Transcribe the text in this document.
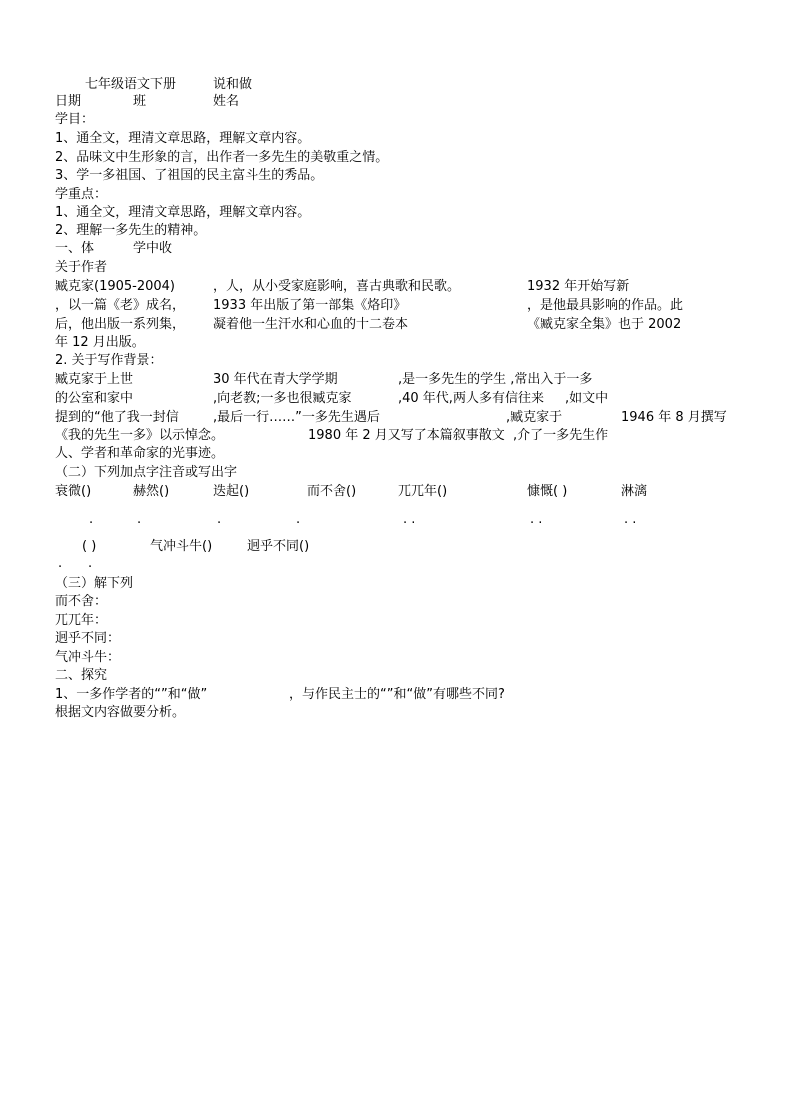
七年级语文下册	说和做
日期	班	姓名
学目：
1、通全文，理清文章思路，理解文章内容。
2、品味文中生形象的言，出作者一多先生的美敬重之情。
3、学一多祖国、了祖国的民主富斗生的秀品。
学重点：
1、通全文，理清文章思路，理解文章内容。
2、理解一多先生的精神。
一、体	学中收
关于作者
臧克家(1905-2004)	，人，从小受家庭影响，喜古典歌和民歌。	1932 年开始写新
，以一篇《老》成名， 1933 年出版了第一部集《烙印》	，是他最具影响的作品。此
后，他出版一系列集， 凝着他一生汗水和心血的十二卷本	《臧克家全集》也于 2002
年 12 月出版。
2. 关于写作背景：
臧克家于上世	30 年代在青大学学期	,是一多先生的学生 ,常出入于一多
的公室和家中	,向老教;一多也很臧克家	,40 年代,两人多有信往来 ,如文中
提到的“他了我一封信	,最后一行……”一多先生遇后	,臧克家于	1946 年 8 月撰写
《我的先生一多》以示悼念。	1980 年 2 月又写了本篇叙事散文 ,介了一多先生作
人、学者和革命家的光事迹。
（二）下列加点字注音或写出字
衰微()	赫然()	迭起()	而不舍()	兀兀年()	慷慨( )	淋漓
.	.	.	.	. .	. .	. .
( )	气冲斗牛()	迥乎不同()
. .
（三）解下列
而不舍：
兀兀年：
迥乎不同：
气冲斗牛：
二、探究
1、一多作学者的“”和“做”	，与作民主士的“”和“做”有哪些不同?
根据文内容做要分析。
